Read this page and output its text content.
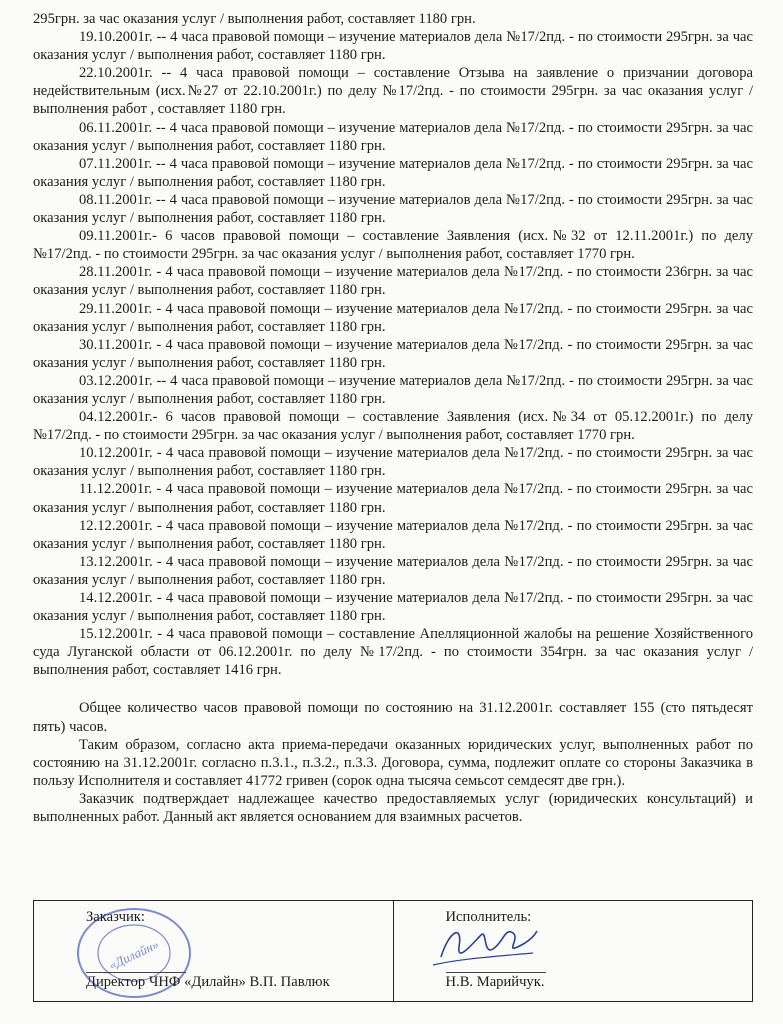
295грн. за час оказания услуг / выполнения работ, составляет 1180 грн.

19.10.2001г. -- 4 часа правовой помощи – изучение материалов дела №17/2пд. - по стоимости 295грн. за час оказания услуг / выполнения работ, составляет 1180 грн.

22.10.2001г. -- 4 часа правовой помощи – составление Отзыва на заявление о призчании договора недействительным (исх.№27 от 22.10.2001г.) по делу №17/2пд. - по стоимости 295грн. за час оказания услуг / выполнения работ , составляет 1180 грн.

06.11.2001г. -- 4 часа правовой помощи – изучение материалов дела №17/2пд. - по стоимости 295грн. за час оказания услуг / выполнения работ, составляет 1180 грн.

07.11.2001г. -- 4 часа правовой помощи – изучение материалов дела №17/2пд. - по стоимости 295грн. за час оказания услуг / выполнения работ, составляет 1180 грн.

08.11.2001г. -- 4 часа правовой помощи – изучение материалов дела №17/2пд. - по стоимости 295грн. за час оказания услуг / выполнения работ, составляет 1180 грн.

09.11.2001г.- 6 часов правовой помощи – составление Заявления (исх.№32 от 12.11.2001г.) по делу №17/2пд. - по стоимости 295грн. за час оказания услуг / выполнения работ, составляет 1770 грн.

28.11.2001г. - 4 часа правовой помощи – изучение материалов дела №17/2пд. - по стоимости 236грн. за час оказания услуг / выполнения работ, составляет 1180 грн.

29.11.2001г. - 4 часа правовой помощи – изучение материалов дела №17/2пд. - по стоимости 295грн. за час оказания услуг / выполнения работ, составляет 1180 грн.

30.11.2001г. - 4 часа правовой помощи – изучение материалов дела №17/2пд. - по стоимости 295грн. за час оказания услуг / выполнения работ, составляет 1180 грн.

03.12.2001г. -- 4 часа правовой помощи – изучение материалов дела №17/2пд. - по стоимости 295грн. за час оказания услуг / выполнения работ, составляет 1180 грн.

04.12.2001г.- 6 часов правовой помощи – составление Заявления (исх.№34 от 05.12.2001г.) по делу №17/2пд. - по стоимости 295грн. за час оказания услуг / выполнения работ, составляет 1770 грн.

10.12.2001г. - 4 часа правовой помощи – изучение материалов дела №17/2пд. - по стоимости 295грн. за час оказания услуг / выполнения работ, составляет 1180 грн.

11.12.2001г. - 4 часа правовой помощи – изучение материалов дела №17/2пд. - по стоимости 295грн. за час оказания услуг / выполнения работ, составляет 1180 грн.

12.12.2001г. - 4 часа правовой помощи – изучение материалов дела №17/2пд. - по стоимости 295грн. за час оказания услуг / выполнения работ, составляет 1180 грн.

13.12.2001г. - 4 часа правовой помощи – изучение материалов дела №17/2пд. - по стоимости 295грн. за час оказания услуг / выполнения работ, составляет 1180 грн.

14.12.2001г. - 4 часа правовой помощи – изучение материалов дела №17/2пд. - по стоимости 295грн. за час оказания услуг / выполнения работ, составляет 1180 грн.

15.12.2001г. - 4 часа правовой помощи – составление Апелляционной жалобы на решение Хозяйственного суда Луганской области от 06.12.2001г. по делу №17/2пд. - по стоимости 354грн. за час оказания услуг / выполнения работ, составляет 1416 грн.

Общее количество часов правовой помощи по состоянию на 31.12.2001г. составляет 155 (сто пятьдесят пять) часов.

Таким образом, согласно акта приема-передачи оказанных юридических услуг, выполненных работ по состоянию на 31.12.2001г. согласно п.3.1., п.3.2., п.3.3. Договора, сумма, подлежит оплате со стороны Заказчика в пользу Исполнителя и составляет 41772 гривен (сорок одна тысяча семьсот семдесят две грн.).

Заказчик подтверждает надлежащее качество предоставляемых услуг (юридических консультаций) и выполненных работ. Данный акт является основанием для взаимных расчетов.

«Дилайн»
Заказчик:
Директор ЧНФ «Дилайн» В.П. Павлюк
Исполнитель:
Н.В. Марийчук.
